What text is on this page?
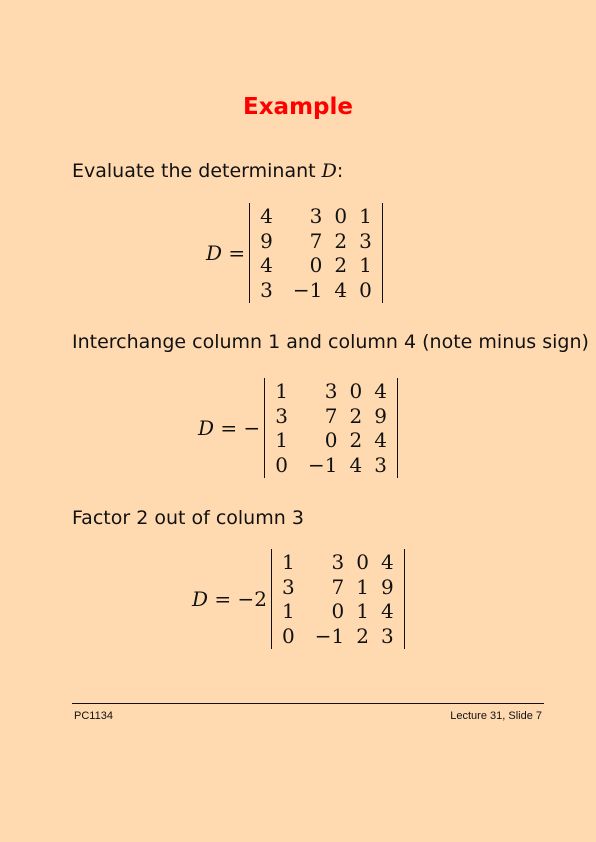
Example
Evaluate the determinant D:
D =
4	3	0	1
9	7	2	3
4	0	2	1
3	−1	4	0
Interchange column 1 and column 4 (note minus sign)
D = −
1	3	0	4
3	7	2	9
1	0	2	4
0	−1	4	3
Factor 2 out of column 3
D = −2
1	3	0	4
3	7	1	9
1	0	1	4
0	−1	2	3
PC1134	Lecture 31, Slide 7
